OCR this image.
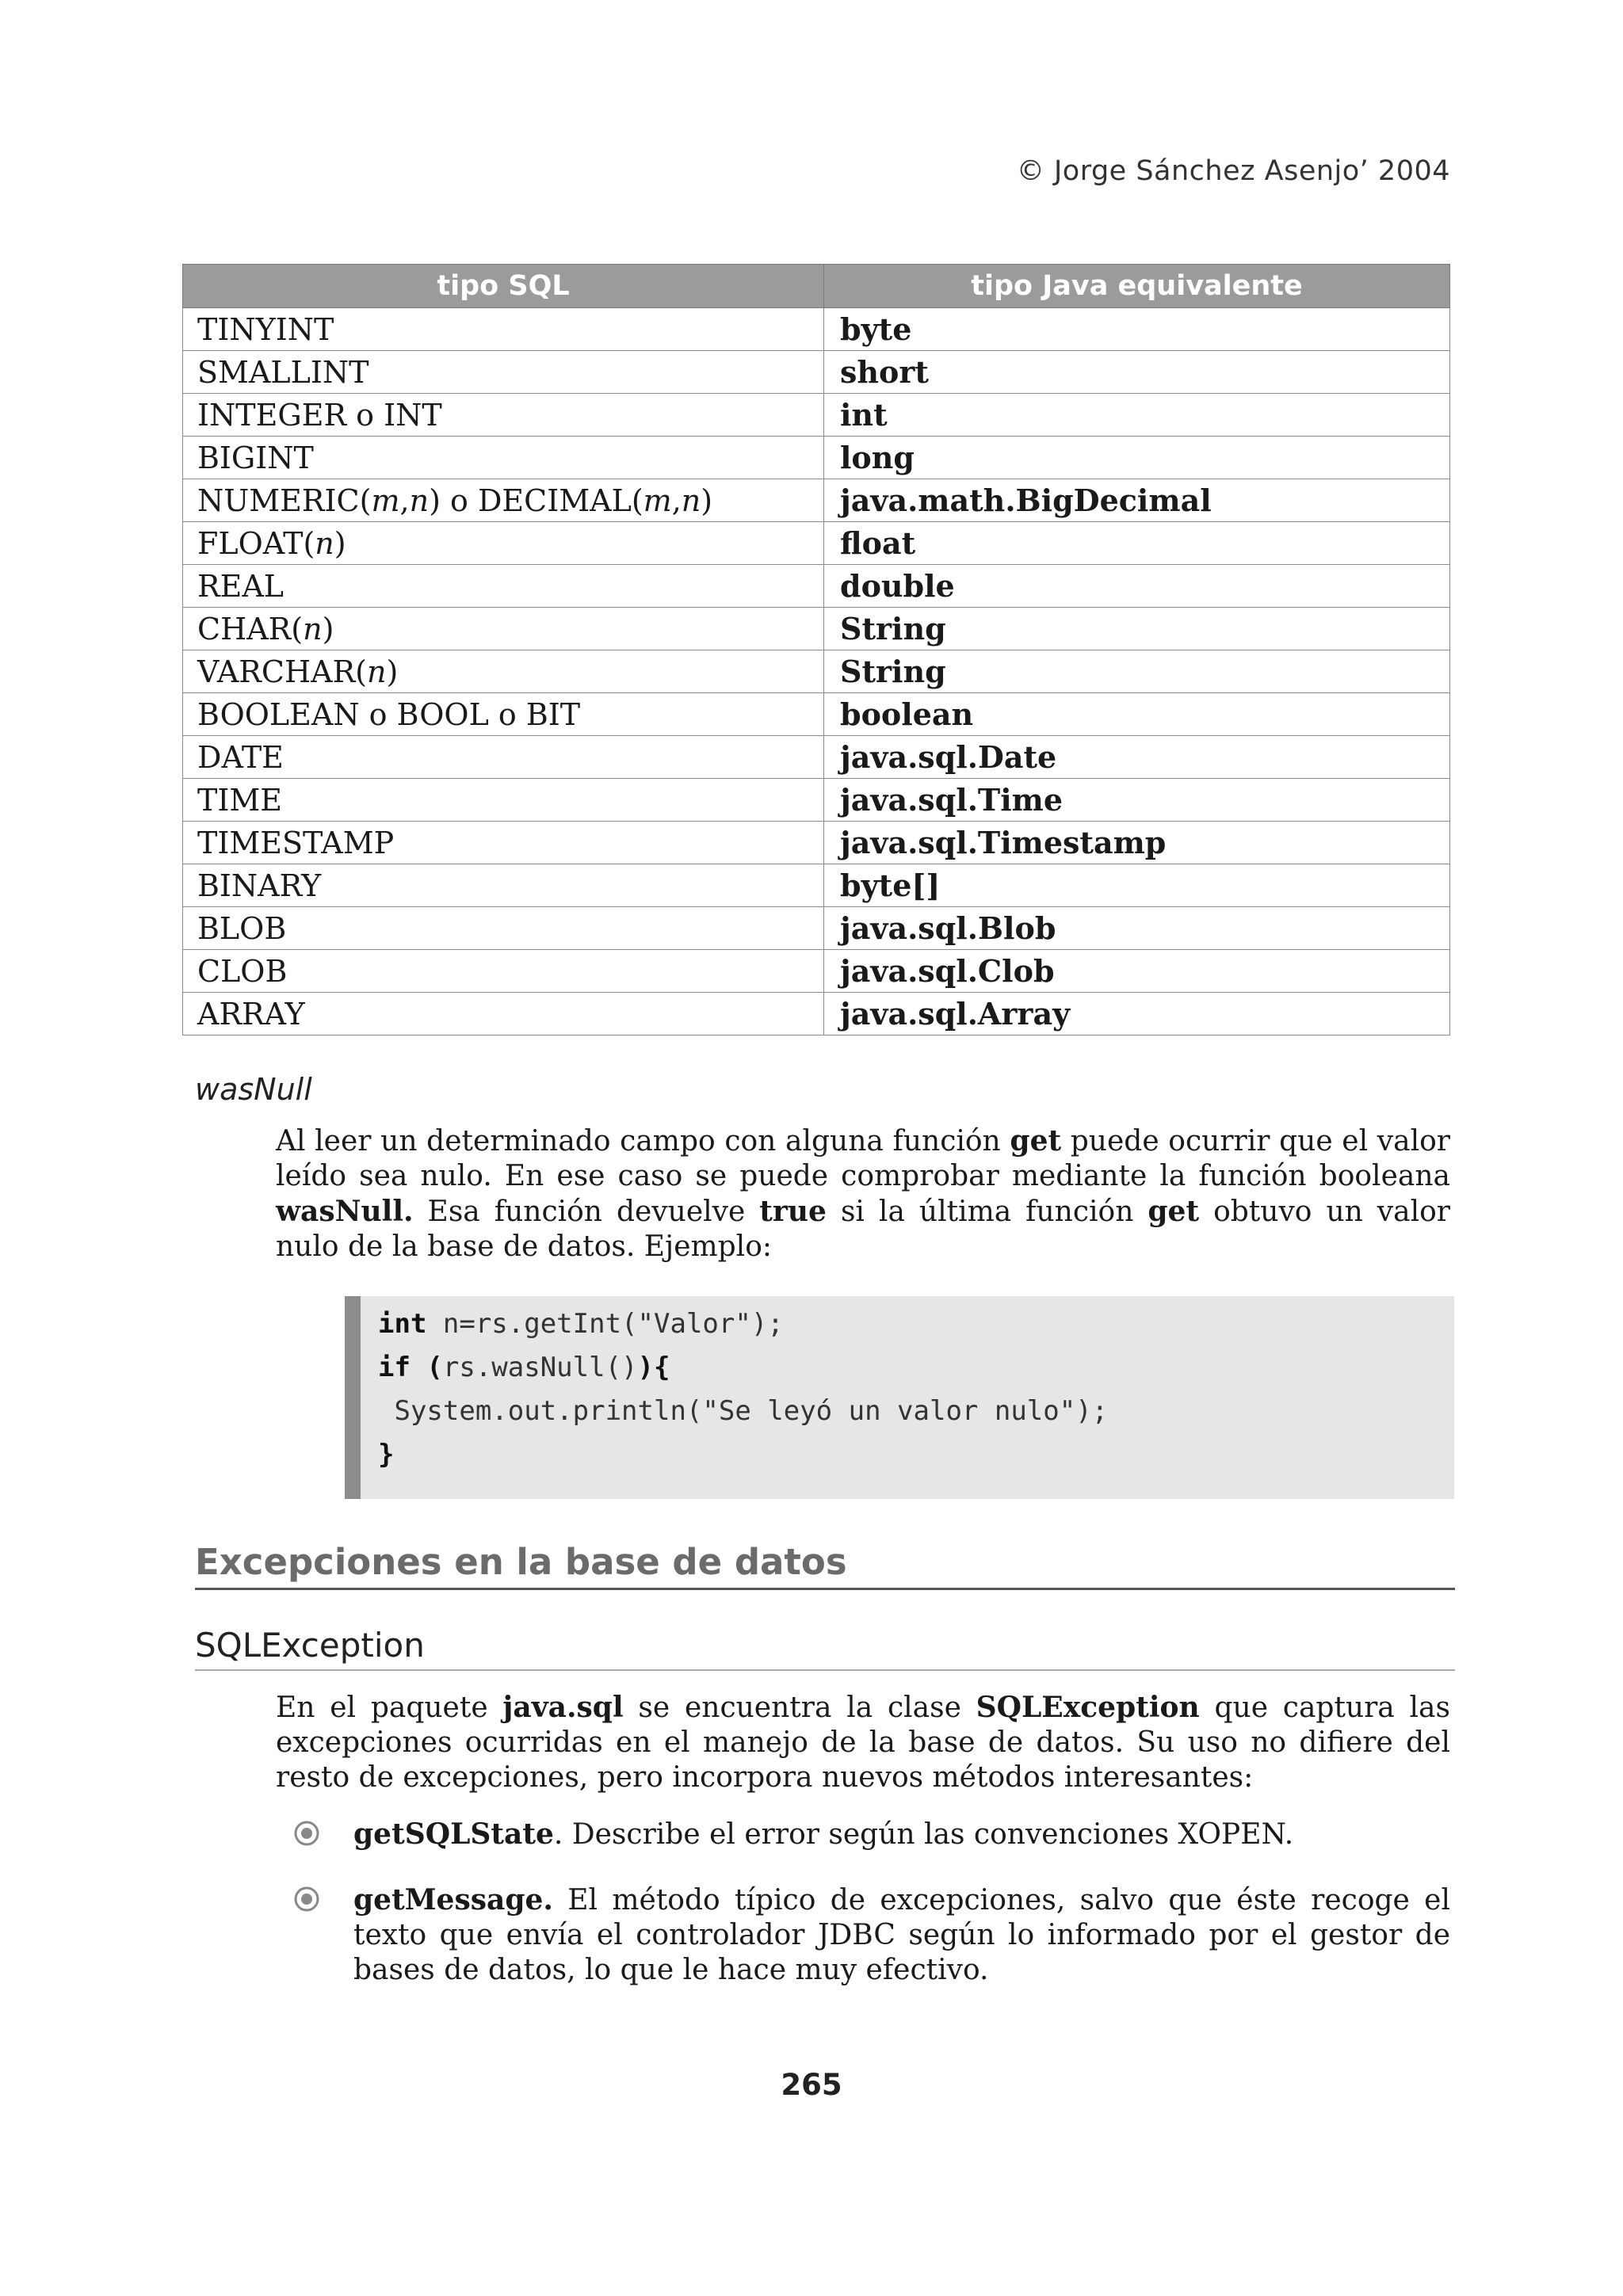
© Jorge Sánchez Asenjo’ 2004
tipo SQL	tipo Java equivalente
TINYINT	byte
SMALLINT	short
INTEGER o INT	int
BIGINT	long
NUMERIC(m,n) o DECIMAL(m,n)	java.math.BigDecimal
FLOAT(n)	float
REAL	double
CHAR(n)	String
VARCHAR(n)	String
BOOLEAN o BOOL o BIT	boolean
DATE	java.sql.Date
TIME	java.sql.Time
TIMESTAMP	java.sql.Timestamp
BINARY	byte[]
BLOB	java.sql.Blob
CLOB	java.sql.Clob
ARRAY	java.sql.Array
wasNull
Al leer un determinado campo con alguna función get puede ocurrir que el valor leído sea nulo. En ese caso se puede comprobar mediante la función booleana wasNull. Esa función devuelve true si la última función get obtuvo un valor nulo de la base de datos. Ejemplo:
int n=rs.getInt("Valor");
if (rs.wasNull()){
System.out.println("Se leyó un valor nulo");
}
Excepciones en la base de datos
SQLException
En el paquete java.sql se encuentra la clase SQLException que captura las excepciones ocurridas en el manejo de la base de datos. Su uso no difiere del resto de excepciones, pero incorpora nuevos métodos interesantes:
getSQLState. Describe el error según las convenciones XOPEN.
getMessage. El método típico de excepciones, salvo que éste recoge el texto que envía el controlador JDBC según lo informado por el gestor de bases de datos, lo que le hace muy efectivo.
265
